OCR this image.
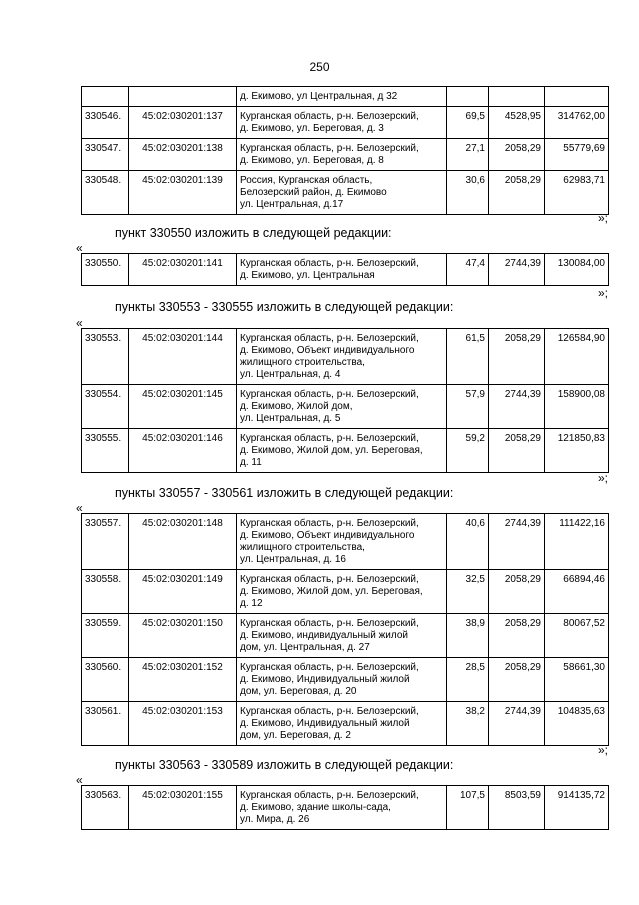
250
		д. Екимово, ул Центральная, д 32			
330546.	45:02:030201:137	Курганская область, р-н. Белозерский,
д. Екимово, ул. Береговая, д. 3	69,5	4528,95	314762,00
330547.	45:02:030201:138	Курганская область, р-н. Белозерский,
д. Екимово, ул. Береговая, д. 8	27,1	2058,29	55779,69
330548.	45:02:030201:139	Россия, Курганская область,
Белозерский район, д. Екимово
ул. Центральная, д.17	30,6	2058,29	62983,71
»;
пункт 330550 изложить в следующей редакции:
«
330550.	45:02:030201:141	Курганская область, р-н. Белозерский,
д. Екимово, ул. Центральная	47,4	2744,39	130084,00
»;
пункты 330553 - 330555 изложить в следующей редакции:
«
330553.	45:02:030201:144	Курганская область, р-н. Белозерский,
д. Екимово, Объект индивидуального
жилищного строительства,
ул. Центральная, д. 4	61,5	2058,29	126584,90
330554.	45:02:030201:145	Курганская область, р-н. Белозерский,
д. Екимово, Жилой дом,
ул. Центральная, д. 5	57,9	2744,39	158900,08
330555.	45:02:030201:146	Курганская область, р-н. Белозерский,
д. Екимово, Жилой дом, ул. Береговая,
д. 11	59,2	2058,29	121850,83
»;
пункты 330557 - 330561 изложить в следующей редакции:
«
330557.	45:02:030201:148	Курганская область, р-н. Белозерский,
д. Екимово, Объект индивидуального
жилищного строительства,
ул. Центральная, д. 16	40,6	2744,39	111422,16
330558.	45:02:030201:149	Курганская область, р-н. Белозерский,
д. Екимово, Жилой дом, ул. Береговая,
д. 12	32,5	2058,29	66894,46
330559.	45:02:030201:150	Курганская область, р-н. Белозерский,
д. Екимово, индивидуальный жилой
дом, ул. Центральная, д. 27	38,9	2058,29	80067,52
330560.	45:02:030201:152	Курганская область, р-н. Белозерский,
д. Екимово, Индивидуальный жилой
дом, ул. Береговая, д. 20	28,5	2058,29	58661,30
330561.	45:02:030201:153	Курганская область, р-н. Белозерский,
д. Екимово, Индивидуальный жилой
дом, ул. Береговая, д. 2	38,2	2744,39	104835,63
»;
пункты 330563 - 330589 изложить в следующей редакции:
«
330563.	45:02:030201:155	Курганская область, р-н. Белозерский,
д. Екимово, здание школы-сада,
ул. Мира, д. 26	107,5	8503,59	914135,72
